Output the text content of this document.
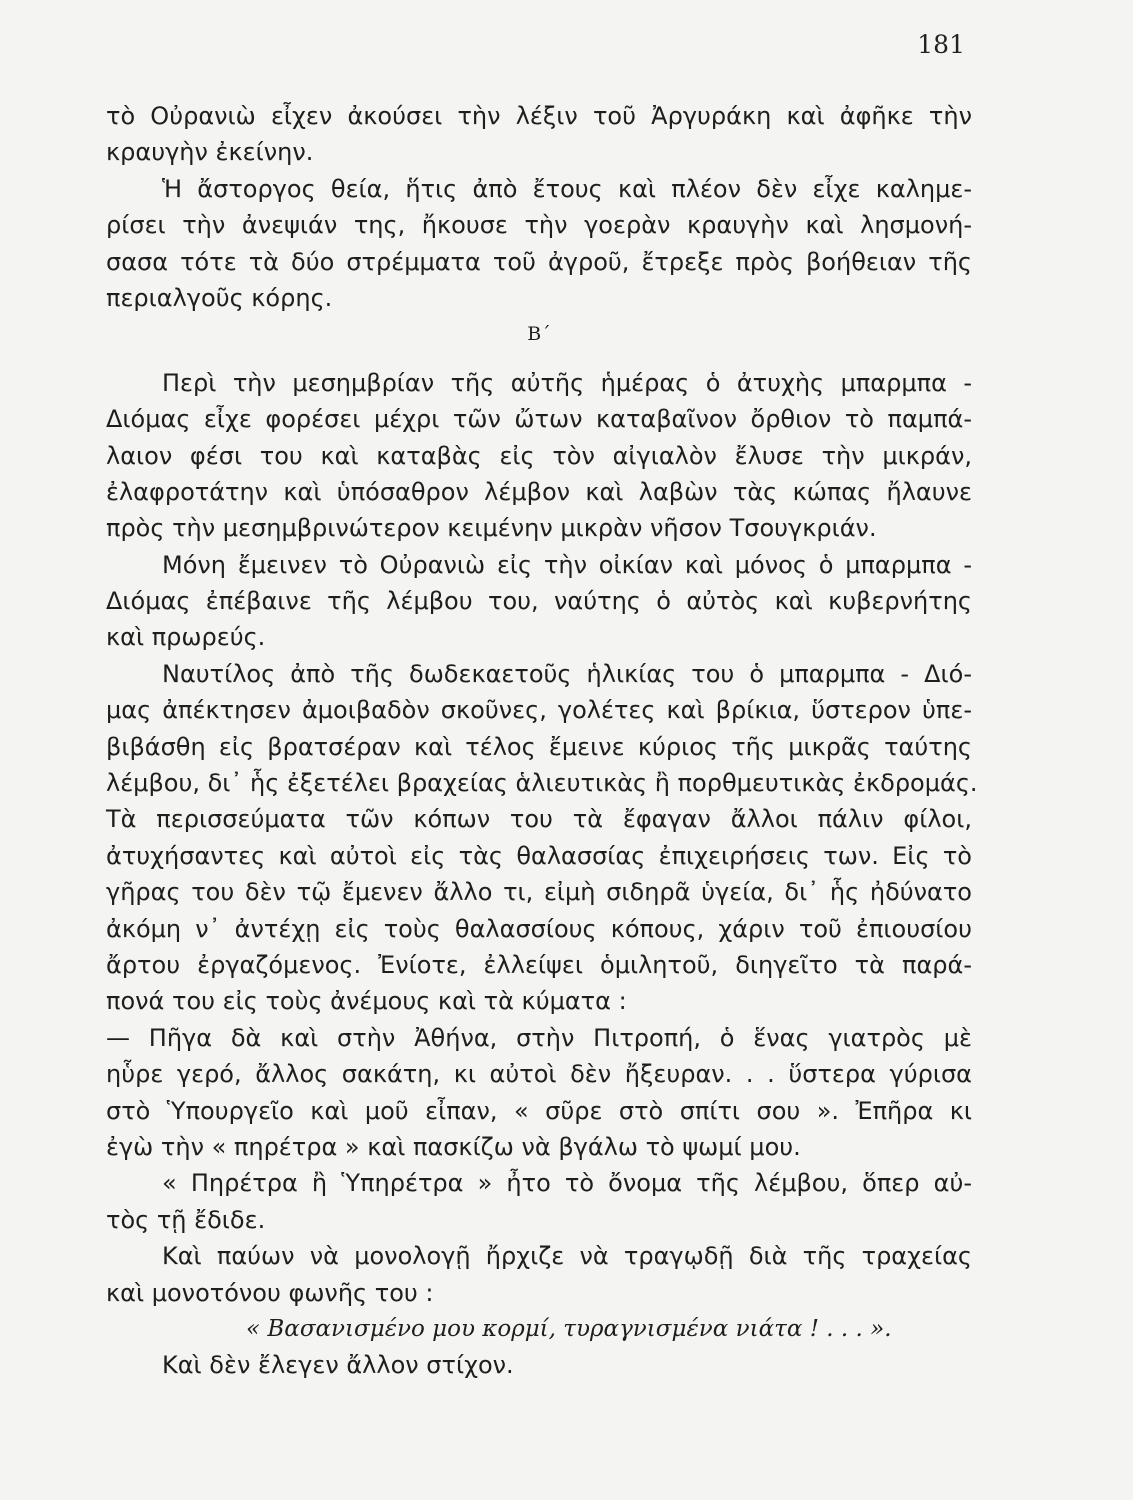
181
τὸ Οὐρανιὼ εἶχεν ἀκούσει τὴν λέξιν τοῦ Ἀργυράκη καὶ ἀφῆκε τὴν
κραυγὴν ἐκείνην.
Ἡ ἄστοργος θεία, ἥτις ἀπὸ ἔτους καὶ πλέον δὲν εἶχε καλημε-
ρίσει τὴν ἀνεψιάν της, ἤκουσε τὴν γοερὰν κραυγὴν καὶ λησμονή-
σασα τότε τὰ δύο στρέμματα τοῦ ἀγροῦ, ἔτρεξε πρὸς βοήθειαν τῆς
περιαλγοῦς κόρης.
Β΄
Περὶ τὴν μεσημβρίαν τῆς αὐτῆς ἡμέρας ὁ ἀτυχὴς μπαρμπα -
Διόμας εἶχε φορέσει μέχρι τῶν ὤτων καταβαῖνον ὄρθιον τὸ παμπά-
λαιον φέσι του καὶ καταβὰς εἰς τὸν αἰγιαλὸν ἔλυσε τὴν μικράν,
ἐλαφροτάτην καὶ ὑπόσαθρον λέμβον καὶ λαβὼν τὰς κώπας ἤλαυνε
πρὸς τὴν μεσημβρινώτερον κειμένην μικρὰν νῆσον Τσουγκριάν.
Μόνη ἔμεινεν τὸ Οὐρανιὼ εἰς τὴν οἰκίαν καὶ μόνος ὁ μπαρμπα -
Διόμας ἐπέβαινε τῆς λέμβου του, ναύτης ὁ αὐτὸς καὶ κυβερνήτης
καὶ πρωρεύς.
Ναυτίλος ἀπὸ τῆς δωδεκαετοῦς ἡλικίας του ὁ μπαρμπα - Διό-
μας ἀπέκτησεν ἀμοιβαδὸν σκοῦνες, γολέτες καὶ βρίκια, ὕστερον ὑπε-
βιβάσθη εἰς βρατσέραν καὶ τέλος ἔμεινε κύριος τῆς μικρᾶς ταύτης
λέμβου, δι᾿ ἧς ἐξετέλει βραχείας ἁλιευτικὰς ἢ πορθμευτικὰς ἐκδρομάς.
Τὰ περισσεύματα τῶν κόπων του τὰ ἔφαγαν ἄλλοι πάλιν φίλοι,
ἀτυχήσαντες καὶ αὐτοὶ εἰς τὰς θαλασσίας ἐπιχειρήσεις των. Εἰς τὸ
γῆρας του δὲν τῷ ἔμενεν ἄλλο τι, εἰμὴ σιδηρᾶ ὑγεία, δι᾿ ἧς ἠδύνατο
ἀκόμη ν᾿ ἀντέχῃ εἰς τοὺς θαλασσίους κόπους, χάριν τοῦ ἐπιουσίου
ἄρτου ἐργαζόμενος. Ἐνίοτε, ἐλλείψει ὁμιλητοῦ, διηγεῖτο τὰ παρά-
πονά του εἰς τοὺς ἀνέμους καὶ τὰ κύματα :
— Πῆγα δὰ καὶ στὴν Ἀθήνα, στὴν Πιτροπή, ὁ ἕνας γιατρὸς μὲ
ηὗρε γερό, ἄλλος σακάτη, κι αὐτοὶ δὲν ἤξευραν. . . ὕστερα γύρισα
στὸ Ὑπουργεῖο καὶ μοῦ εἶπαν, « σῦρε στὸ σπίτι σου ». Ἐπῆρα κι
ἐγὼ τὴν « πηρέτρα » καὶ πασκίζω νὰ βγάλω τὸ ψωμί μου.
« Πηρέτρα ἢ Ὑπηρέτρα » ἦτο τὸ ὄνομα τῆς λέμβου, ὅπερ αὐ-
τὸς τῇ ἔδιδε.
Καὶ παύων νὰ μονολογῇ ἤρχιζε νὰ τραγῳδῇ διὰ τῆς τραχείας
καὶ μονοτόνου φωνῆς του :
« Βασανισμένο μου κορμί, τυραγνισμένα νιάτα ! . . . ».
Καὶ δὲν ἔλεγεν ἄλλον στίχον.
